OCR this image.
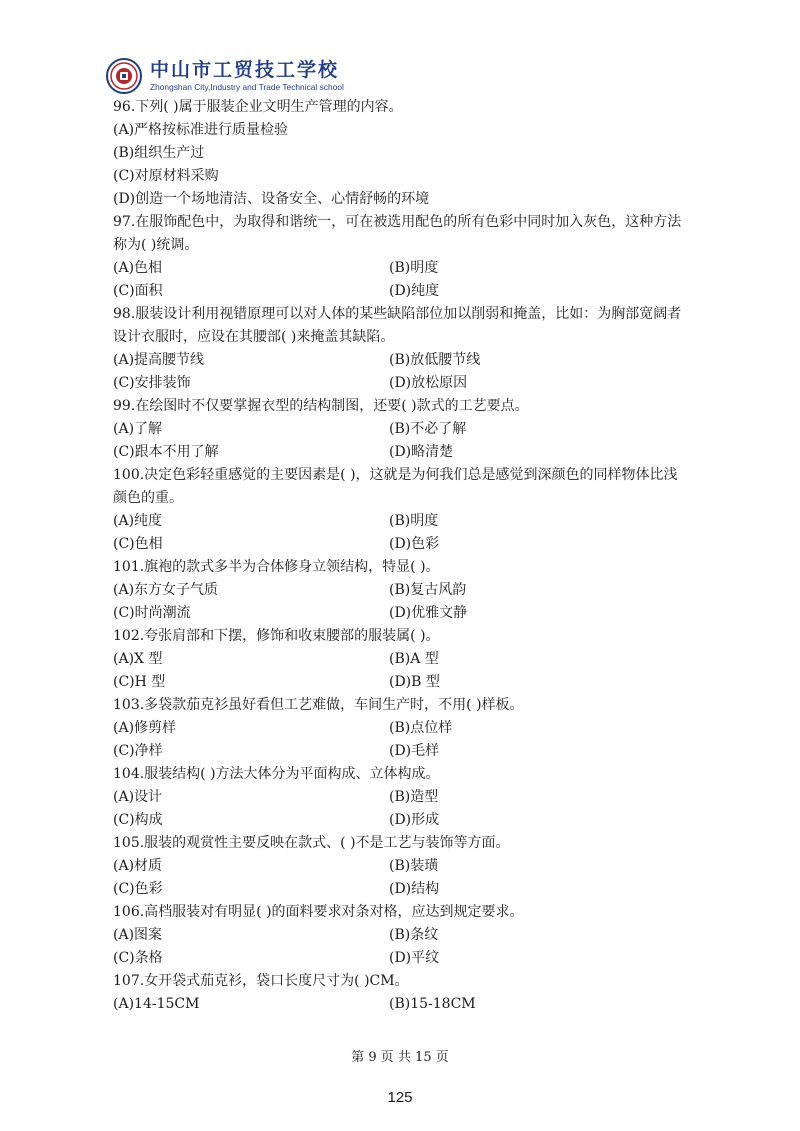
中山市工贸技工学校
Zhongshan City,Industry and Trade Technical school
96.下列( )属于服装企业文明生产管理的内容。
(A)严格按标准进行质量检验
(B)组织生产过
(C)对原材料采购
(D)创造一个场地清洁、设备安全、心情舒畅的环境
97.在服饰配色中，为取得和谐统一，可在被选用配色的所有色彩中同时加入灰色，这种方法
称为( )统调。
(A)色相	(B)明度
(C)面积	(D)纯度
98.服装设计利用视错原理可以对人体的某些缺陷部位加以削弱和掩盖，比如：为胸部宽阔者
设计衣服时，应设在其腰部( )来掩盖其缺陷。
(A)提高腰节线	(B)放低腰节线
(C)安排装饰	(D)放松原因
99.在绘图时不仅要掌握衣型的结构制图，还要( )款式的工艺要点。
(A)了解	(B)不必了解
(C)跟本不用了解	(D)略清楚
100.决定色彩轻重感觉的主要因素是( )，这就是为何我们总是感觉到深颜色的同样物体比浅
颜色的重。
(A)纯度	(B)明度
(C)色相	(D)色彩
101.旗袍的款式多半为合体修身立领结构，特显( )。
(A)东方女子气质	(B)复古风韵
(C)时尚潮流	(D)优雅文静
102.夸张肩部和下摆，修饰和收束腰部的服装属( )。
(A)X 型	(B)A 型
(C)H 型	(D)B 型
103.多袋款茄克衫虽好看但工艺难做，车间生产时，不用( )样板。
(A)修剪样	(B)点位样
(C)净样	(D)毛样
104.服装结构( )方法大体分为平面构成、立体构成。
(A)设计	(B)造型
(C)构成	(D)形成
105.服装的观赏性主要反映在款式、( )不是工艺与装饰等方面。
(A)材质	(B)装璜
(C)色彩	(D)结构
106.高档服装对有明显( )的面料要求对条对格，应达到规定要求。
(A)图案	(B)条纹
(C)条格	(D)平纹
107.女开袋式茄克衫，袋口长度尺寸为( )CM。
(A)14-15CM	(B)15-18CM
第 9 页 共 15 页
125
